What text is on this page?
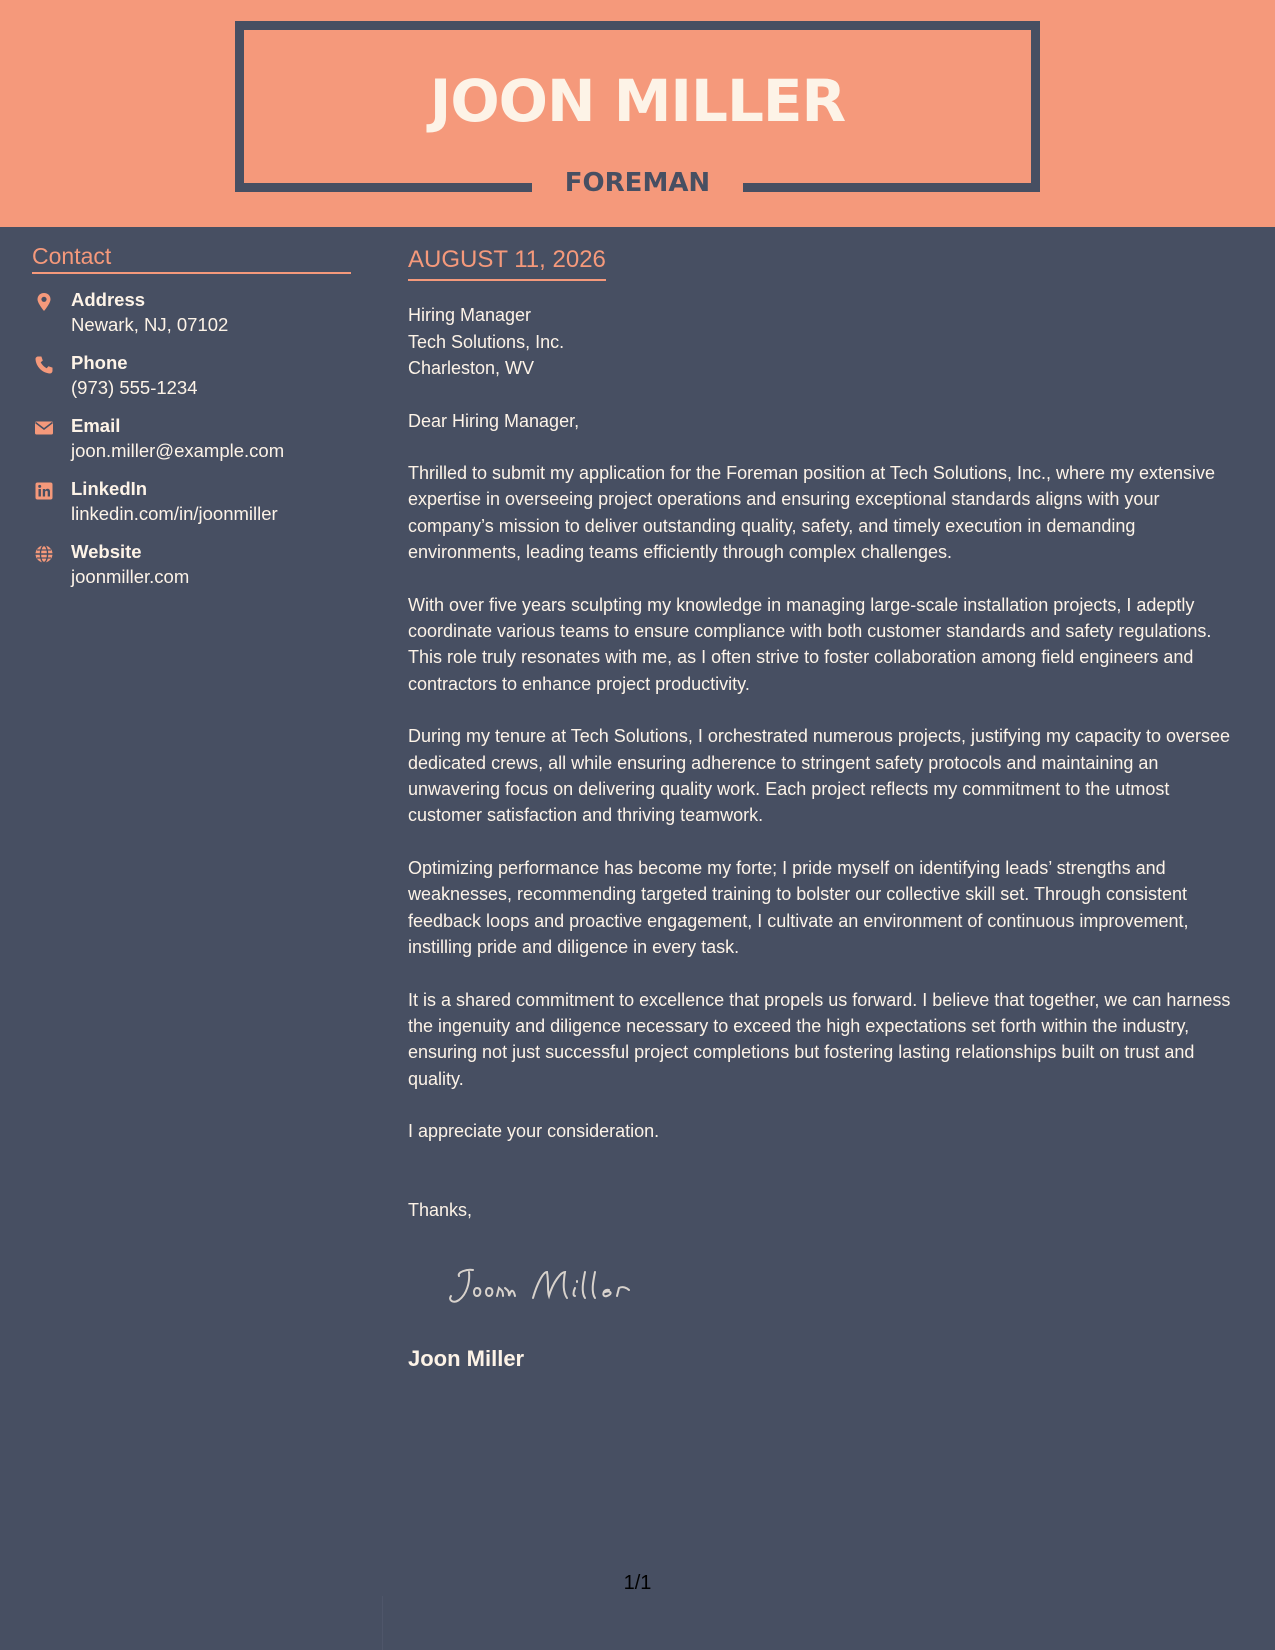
JOON MILLER
FOREMAN
Contact
Address
Newark, NJ, 07102
Phone
(973) 555-1234
Email
joon.miller@example.com
LinkedIn
linkedin.com/in/joonmiller
Website
joonmiller.com
AUGUST 11, 2026
Hiring Manager
Tech Solutions, Inc.
Charleston, WV
Dear Hiring Manager,

Thrilled to submit my application for the Foreman position at Tech Solutions, Inc., where my extensive expertise in overseeing project operations and ensuring exceptional standards aligns with your company’s mission to deliver outstanding quality, safety, and timely execution in demanding environments, leading teams efficiently through complex challenges.

With over five years sculpting my knowledge in managing large-scale installation projects, I adeptly coordinate various teams to ensure compliance with both customer standards and safety regulations. This role truly resonates with me, as I often strive to foster collaboration among field engineers and contractors to enhance project productivity.

During my tenure at Tech Solutions, I orchestrated numerous projects, justifying my capacity to oversee dedicated crews, all while ensuring adherence to stringent safety protocols and maintaining an unwavering focus on delivering quality work. Each project reflects my commitment to the utmost customer satisfaction and thriving teamwork.

Optimizing performance has become my forte; I pride myself on identifying leads’ strengths and weaknesses, recommending targeted training to bolster our collective skill set. Through consistent feedback loops and proactive engagement, I cultivate an environment of continuous improvement, instilling pride and diligence in every task.

It is a shared commitment to excellence that propels us forward. I believe that together, we can harness the ingenuity and diligence necessary to exceed the high expectations set forth within the industry, ensuring not just successful project completions but fostering lasting relationships built on trust and quality.

I appreciate your consideration.
Thanks,
Joon Miller
1/1
